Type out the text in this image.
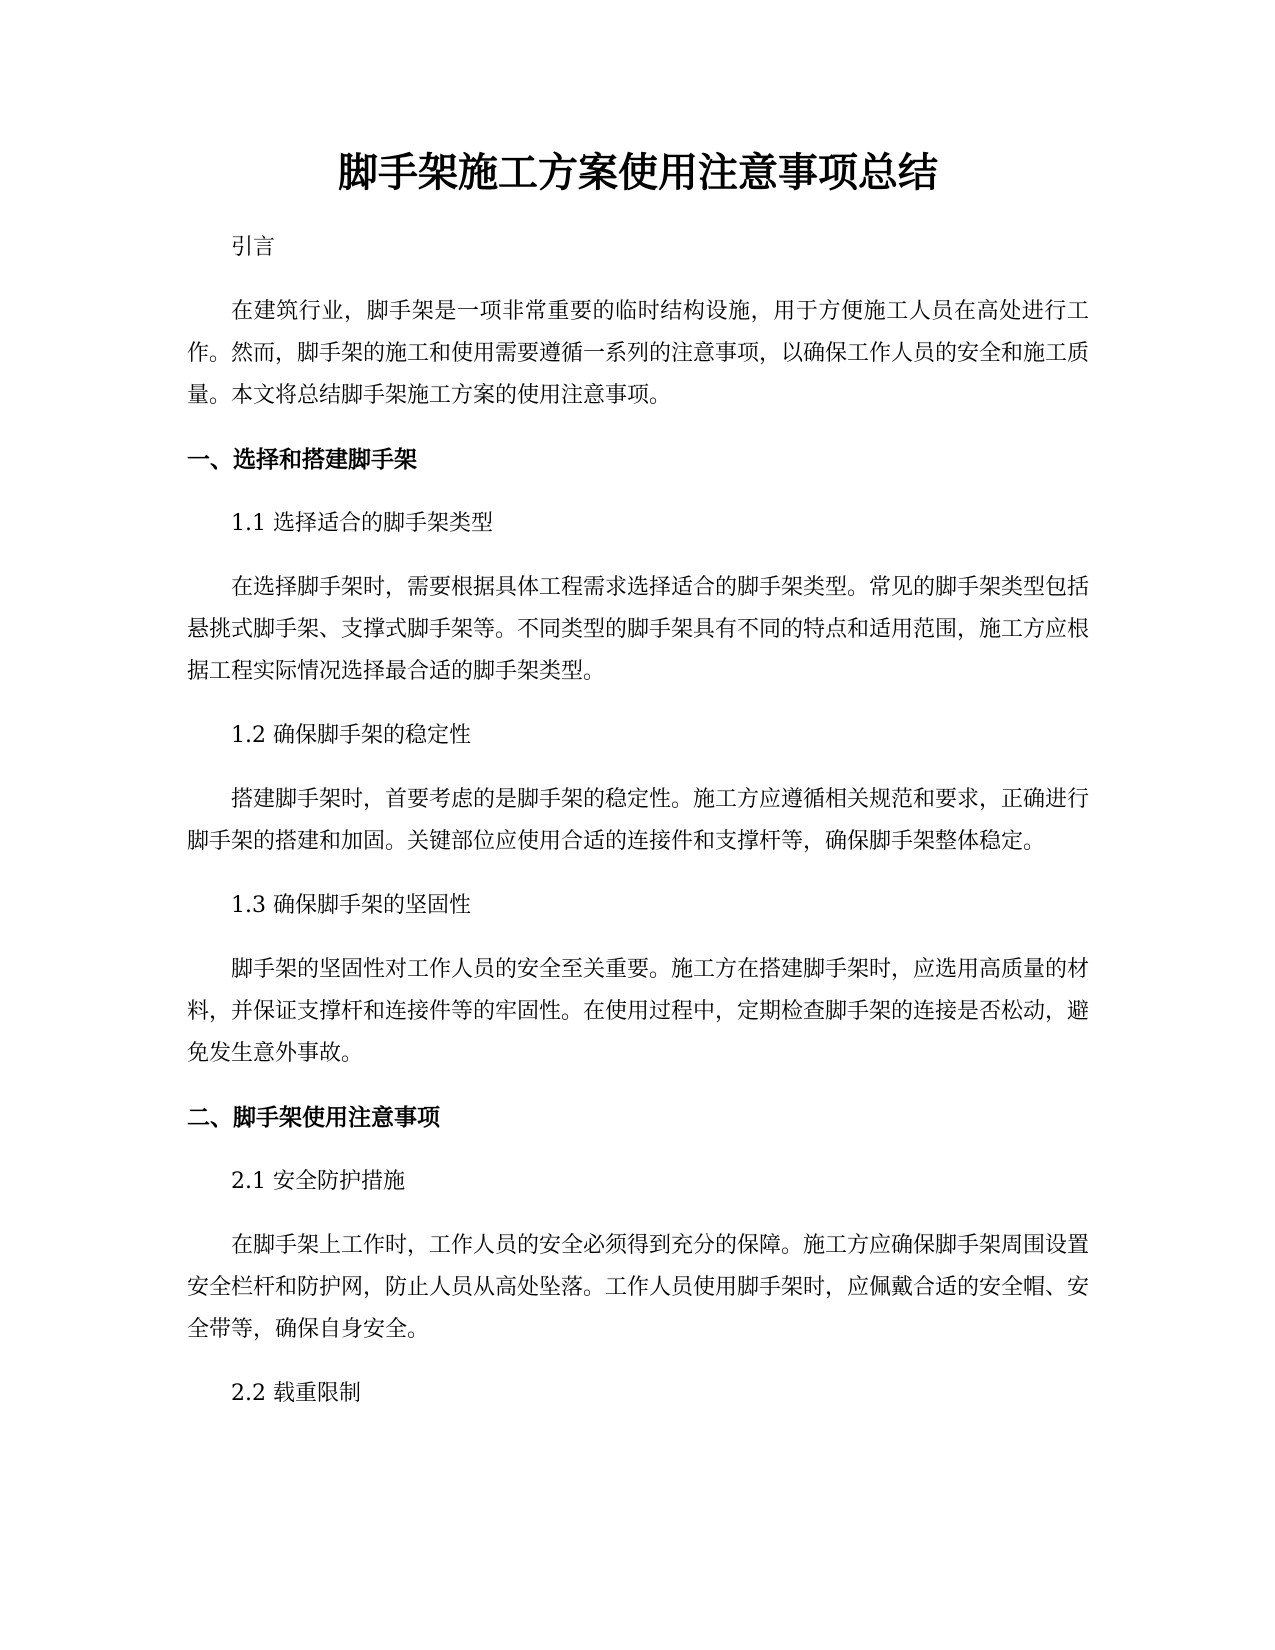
脚手架施工方案使用注意事项总结

引言

在建筑行业，脚手架是一项非常重要的临时结构设施，用于方便施工人员在高处进行工作。然而，脚手架的施工和使用需要遵循一系列的注意事项，以确保工作人员的安全和施工质量。本文将总结脚手架施工方案的使用注意事项。

一、选择和搭建脚手架

1.1 选择适合的脚手架类型

在选择脚手架时，需要根据具体工程需求选择适合的脚手架类型。常见的脚手架类型包括悬挑式脚手架、支撑式脚手架等。不同类型的脚手架具有不同的特点和适用范围，施工方应根据工程实际情况选择最合适的脚手架类型。

1.2 确保脚手架的稳定性

搭建脚手架时，首要考虑的是脚手架的稳定性。施工方应遵循相关规范和要求，正确进行脚手架的搭建和加固。关键部位应使用合适的连接件和支撑杆等，确保脚手架整体稳定。

1.3 确保脚手架的坚固性

脚手架的坚固性对工作人员的安全至关重要。施工方在搭建脚手架时，应选用高质量的材料，并保证支撑杆和连接件等的牢固性。在使用过程中，定期检查脚手架的连接是否松动，避免发生意外事故。

二、脚手架使用注意事项

2.1 安全防护措施

在脚手架上工作时，工作人员的安全必须得到充分的保障。施工方应确保脚手架周围设置安全栏杆和防护网，防止人员从高处坠落。工作人员使用脚手架时，应佩戴合适的安全帽、安全带等，确保自身安全。

2.2 载重限制
